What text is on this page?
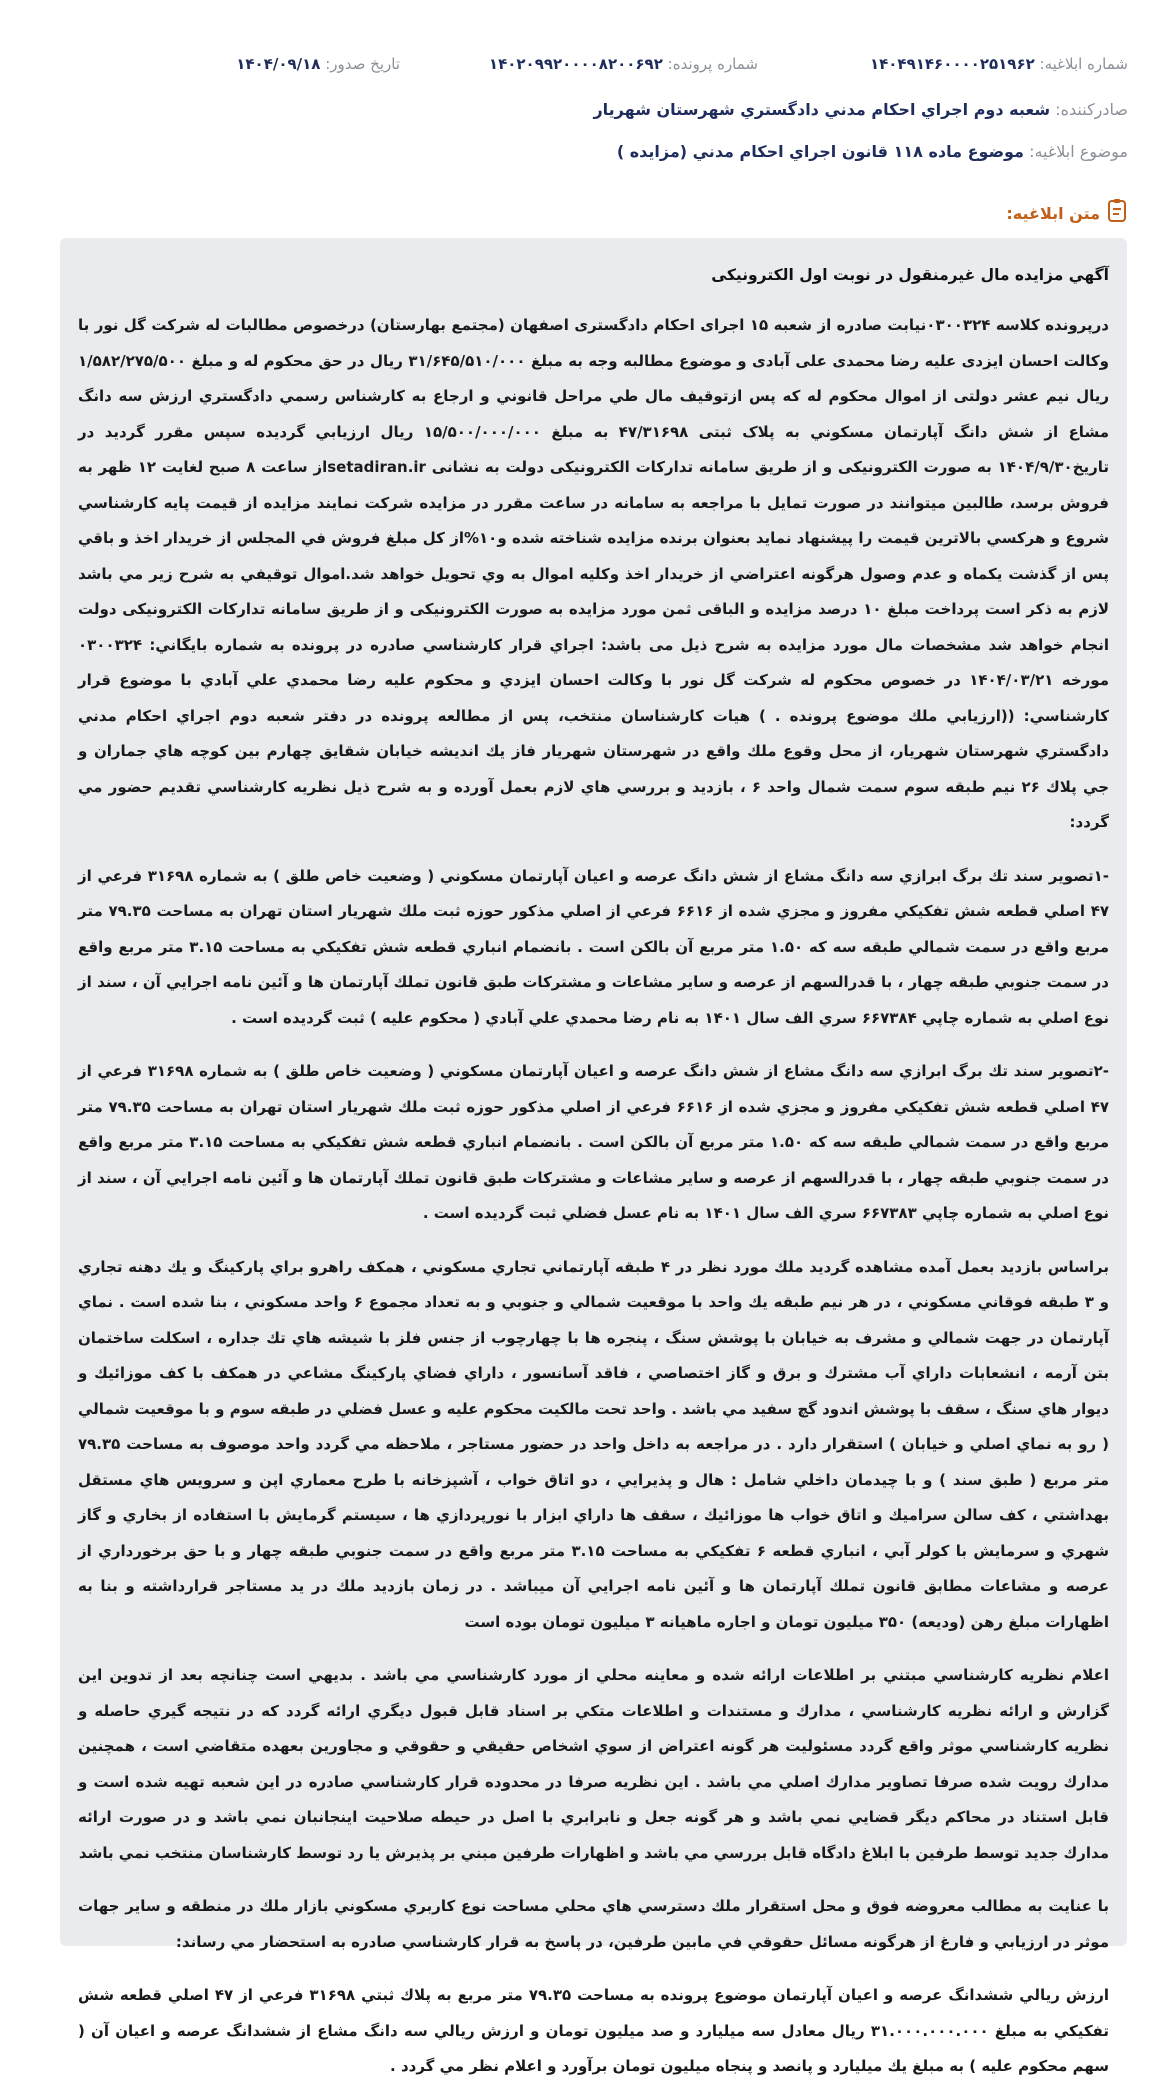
شماره ابلاغیه: ۱۴۰۴۹۱۴۶۰۰۰۰۲۵۱۹۶۲
شماره پرونده: ۱۴۰۲۰۹۹۲۰۰۰۰۸۲۰۰۶۹۲
تاریخ صدور: ۱۴۰۴/۰۹/۱۸
صادرکننده: شعبه دوم اجراي احكام مدني دادگستري شهرستان شهريار
موضوع ابلاغیه: موضوع ماده ۱۱۸ قانون اجراي احكام مدني (مزايده )
متن ابلاغیه:
آگهي مزايده مال غيرمنقول در نوبت اول الكترونيكی

درپرونده كلاسه ۰۳۰۰۳۲۴نيابت صادره از شعبه ۱۵ اجراى احكام دادگسترى اصفهان (مجتمع بهارستان) درخصوص مطالبات له شركت گل نور با وكالت احسان ايزدى عليه رضا محمدى على آبادى و موضوع مطالبه وجه به مبلغ ۳۱/۶۴۵/۵۱۰/۰۰۰ ريال در حق محكوم له و مبلغ ۱/۵۸۲/۲۷۵/۵۰۰ ريال نيم عشر دولتى از اموال محكوم له كه پس ازتوقيف مال طي مراحل قانوني و ارجاع به كارشناس رسمي دادگستري ارزش سه دانگ مشاع از شش دانگ آپارتمان مسكوني به پلاک ثبتی ۴۷/۳۱۶۹۸ به مبلغ ۱۵/۵۰۰/۰۰۰/۰۰۰ ريال ارزيابي گرديده سپس مقرر گرديد در تاريخ۱۴۰۴/۹/۳۰ به صورت الكترونيكی و از طريق سامانه تداركات الكترونيكی دولت به نشانی setadiran.irاز ساعت ۸ صبح لغايت ۱۲ ظهر به فروش برسد، طالبين ميتوانند در صورت تمايل با مراجعه به سامانه در ساعت مقرر در مزايده شركت نمايند مزايده از قيمت پايه كارشناسي شروع و هركسي بالاترين قيمت را پيشنهاد نمايد بعنوان برنده مزايده شناخته شده و۱۰%از كل مبلغ فروش في المجلس از خريدار اخذ و باقي پس از گذشت يكماه و عدم وصول هرگونه اعتراضي از خريدار اخذ وكليه اموال به وي تحويل خواهد شد.اموال توقيفي به شرح زير مي باشد لازم به ذكر است پرداخت مبلغ ۱۰ درصد مزايده و الباقی ثمن مورد مزايده به صورت الكترونيكی و از طريق سامانه تداركات الكترونيكی دولت انجام خواهد شد مشخصات مال مورد مزايده به شرح ذيل می باشد: اجراي قرار كارشناسي صادره در پرونده به شماره بايگاني: ۰۳۰۰۳۲۴ مورخه ۱۴۰۴/۰۳/۲۱ در خصوص محكوم له شركت گل نور با وكالت احسان ايزدي و محكوم عليه رضا محمدي علي آبادي با موضوع قرار كارشناسي: ((ارزيابي ملك موضوع پرونده . ) هيات كارشناسان منتخب، پس از مطالعه پرونده در دفتر شعبه دوم اجراي احكام مدني دادگستري شهرستان شهريار، از محل وقوع ملك واقع در شهرستان شهريار فاز يك انديشه خيابان شقايق چهارم بين كوچه هاي جماران و جي پلاك ۲۶ نيم طبقه سوم سمت شمال واحد ۶ ، بازديد و بررسي هاي لازم بعمل آورده و به شرح ذيل نظريه كارشناسي تقديم حضور مي گردد:

-۱تصوير سند تك برگ ابرازي سه دانگ مشاع از شش دانگ عرصه و اعيان آپارتمان مسكوني ( وضعيت خاص طلق ) به شماره ۳۱۶۹۸ فرعي از ۴۷ اصلي قطعه شش تفكيكي مفروز و مجزي شده از ۶۶۱۶ فرعي از اصلي مذكور حوزه ثبت ملك شهريار استان تهران به مساحت ۷۹.۳۵ متر مربع واقع در سمت شمالي طبقه سه كه ۱.۵۰ متر مربع آن بالكن است . بانضمام انباري قطعه شش تفكيكي به مساحت ۳.۱۵ متر مربع واقع در سمت جنوبي طبقه چهار ، با قدرالسهم از عرصه و ساير مشاعات و مشتركات طبق قانون تملك آپارتمان ها و آئين نامه اجرايي آن ، سند از نوع اصلي به شماره چاپي ۶۶۷۳۸۴ سري الف سال ۱۴۰۱ به نام رضا محمدي علي آبادي ( محكوم عليه ) ثبت گرديده است .

-۲تصوير سند تك برگ ابرازي سه دانگ مشاع از شش دانگ عرصه و اعيان آپارتمان مسكوني ( وضعيت خاص طلق ) به شماره ۳۱۶۹۸ فرعي از ۴۷ اصلي قطعه شش تفكيكي مفروز و مجزي شده از ۶۶۱۶ فرعي از اصلي مذكور حوزه ثبت ملك شهريار استان تهران به مساحت ۷۹.۳۵ متر مربع واقع در سمت شمالي طبقه سه كه ۱.۵۰ متر مربع آن بالكن است . بانضمام انباري قطعه شش تفكيكي به مساحت ۳.۱۵ متر مربع واقع در سمت جنوبي طبقه چهار ، با قدرالسهم از عرصه و ساير مشاعات و مشتركات طبق قانون تملك آپارتمان ها و آئين نامه اجرايي آن ، سند از نوع اصلي به شماره چاپي ۶۶۷۳۸۳ سري الف سال ۱۴۰۱ به نام عسل فضلي ثبت گرديده است .

براساس بازديد بعمل آمده مشاهده گرديد ملك مورد نظر در ۴ طبقه آپارتماني تجاري مسكوني ، همكف راهرو براي پاركينگ و يك دهنه تجاري و ۳ طبقه فوقاني مسكوني ، در هر نيم طبقه يك واحد با موقعيت شمالي و جنوبي و به تعداد مجموع ۶ واحد مسكوني ، بنا شده است . نماي آپارتمان در جهت شمالي و مشرف به خيابان با پوشش سنگ ، پنجره ها با چهارچوب از جنس فلز با شيشه هاي تك جداره ، اسكلت ساختمان بتن آرمه ، انشعابات داراي آب مشترك و برق و گاز اختصاصي ، فاقد آسانسور ، داراي فضاي پاركينگ مشاعي در همكف با كف موزائيك و ديوار هاي سنگ ، سقف با پوشش اندود گچ سفيد مي باشد . واحد تحت مالكيت محكوم عليه و عسل فضلي در طبقه سوم و با موقعيت شمالي ( رو به نماي اصلي و خيابان ) استقرار دارد . در مراجعه به داخل واحد در حضور مستاجر ، ملاحظه مي گردد واحد موصوف به مساحت ۷۹.۳۵ متر مربع ( طبق سند ) و با چيدمان داخلي شامل : هال و پذيرايي ، دو اتاق خواب ، آشپزخانه با طرح معماري اپن و سرويس هاي مستقل بهداشتي ، كف سالن سراميك و اتاق خواب ها موزائيك ، سقف ها داراي ابزار با نورپردازي ها ، سيستم گرمايش با استفاده از بخاري و گاز شهري و سرمايش با كولر آبي ، انباري قطعه ۶ تفكيكي به مساحت ۳.۱۵ متر مربع واقع در سمت جنوبي طبقه چهار و با حق برخورداري از عرصه و مشاعات مطابق قانون تملك آپارتمان ها و آئين نامه اجرايي آن ميباشد . در زمان بازديد ملك در يد مستاجر قرارداشته و بنا به اظهارات مبلغ رهن (وديعه) ۳۵۰ ميليون تومان و اجاره ماهيانه ۳ ميليون تومان بوده است

اعلام نظريه كارشناسي مبتني بر اطلاعات ارائه شده و معاينه محلي از مورد كارشناسي مي باشد . بديهي است چنانچه بعد از تدوين اين گزارش و ارائه نظريه كارشناسي ، مدارك و مستندات و اطلاعات متكي بر اسناد قابل قبول ديگري ارائه گردد كه در نتيجه گيري حاصله و نظريه كارشناسي موثر واقع گردد مسئوليت هر گونه اعتراض از سوي اشخاص حقيقي و حقوقي و مجاورين بعهده متقاضي است ، همچنين مدارك رويت شده صرفا تصاوير مدارك اصلي مي باشد . اين نظريه صرفا در محدوده قرار كارشناسي صادره در اين شعبه تهيه شده است و قابل استناد در محاكم ديگر قضايي نمي باشد و هر گونه جعل و نابرابري با اصل در حيطه صلاحيت اينجانبان نمي باشد و در صورت ارائه مدارك جديد توسط طرفين با ابلاغ دادگاه قابل بررسي مي باشد و اظهارات طرفين مبني بر پذيرش يا رد توسط كارشناسان منتخب نمي باشد

با عنايت به مطالب معروضه فوق و محل استقرار ملك دسترسي هاي محلي مساحت نوع كاربري مسكوني بازار ملك در منطقه و ساير جهات موثر در ارزيابي و فارغ از هرگونه مسائل حقوقي في مابين طرفين، در پاسخ به قرار كارشناسي صادره به استحضار مي رساند:

ارزش ريالي ششدانگ عرصه و اعيان آپارتمان موضوع پرونده به مساحت ۷۹.۳۵ متر مربع به پلاك ثبتي ۳۱۶۹۸ فرعي از ۴۷ اصلي قطعه شش تفكيكي به مبلغ ۳۱.۰۰۰.۰۰۰.۰۰۰ ريال معادل سه ميليارد و صد ميليون تومان و ارزش ريالي سه دانگ مشاع از ششدانگ عرصه و اعيان آن ( سهم محكوم عليه ) به مبلغ يك ميليارد و پانصد و پنجاه ميليون تومان برآورد و اعلام نظر مي گردد .
